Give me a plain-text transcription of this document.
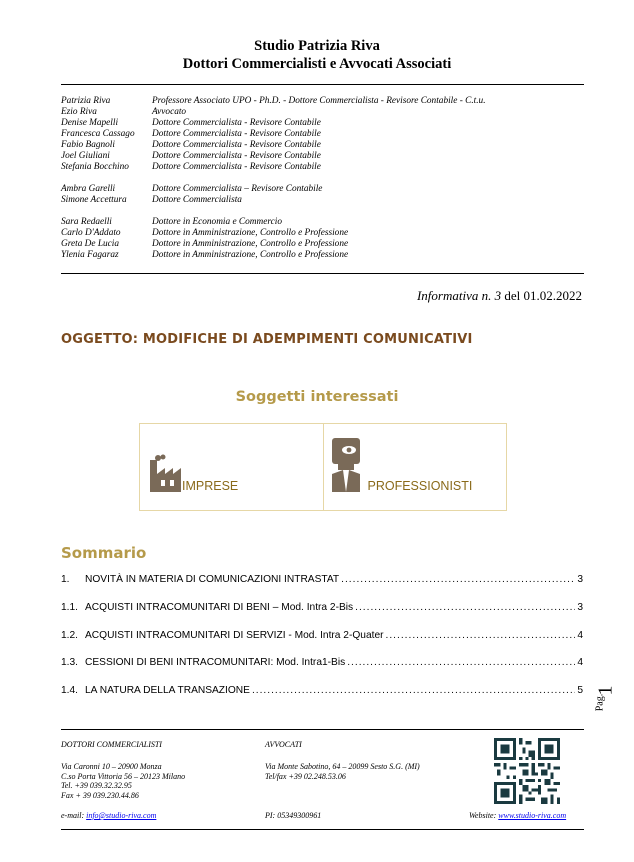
Studio Patrizia Riva
Dottori Commercialisti e Avvocati Associati
Patrizia Riva	Professore Associato UPO - Ph.D. - Dottore Commercialista - Revisore Contabile - C.t.u.
Ezio Riva	Avvocato
Denise Mapelli	Dottore Commercialista - Revisore Contabile
Francesca Cassago	Dottore Commercialista - Revisore Contabile
Fabio Bagnoli	Dottore Commercialista - Revisore Contabile
Joel Giuliani	Dottore Commercialista - Revisore Contabile
Stefania Bocchino	Dottore Commercialista - Revisore Contabile
Ambra Garelli	Dottore Commercialista – Revisore Contabile
Simone Accettura	Dottore Commercialista
Sara Redaelli	Dottore in Economia e Commercio
Carlo D'Addato	Dottore in Amministrazione, Controllo e Professione
Greta De Lucia	Dottore in Amministrazione, Controllo e Professione
Ylenia Fagaraz	Dottore in Amministrazione, Controllo e Professione
Informativa n. 3 del 01.02.2022
OGGETTO: MODIFICHE DI ADEMPIMENTI COMUNICATIVI
Soggetti interessati
IMPRESE	PROFESSIONISTI
Sommario
1.	NOVITÀ IN MATERIA DI COMUNICAZIONI INTRASTAT .....	3
1.1. ACQUISTI INTRACOMUNITARI DI BENI – Mod. Intra 2-Bis .....	3
1.2. ACQUISTI INTRACOMUNITARI DI SERVIZI - Mod. Intra 2-Quater .....	4
1.3. CESSIONI DI BENI INTRACOMUNITARI: Mod. Intra1-Bis .....	4
1.4. LA NATURA DELLA TRANSAZIONE .....	5
Pag.
1
DOTTORI COMMERCIALISTI
Via Caronni 10 – 20900 Monza
C.so Porta Vittoria 56 – 20123 Milano
Tel. +39 039.32.32.95
Fax + 39 039.230.44.86
AVVOCATI
Via Monte Sabotino, 64 – 20099 Sesto S.G. (MI)
Tel/fax +39 02.248.53.06
e-mail: info@studio-riva.com	PI: 05349300961	Website: www.studio-riva.com
